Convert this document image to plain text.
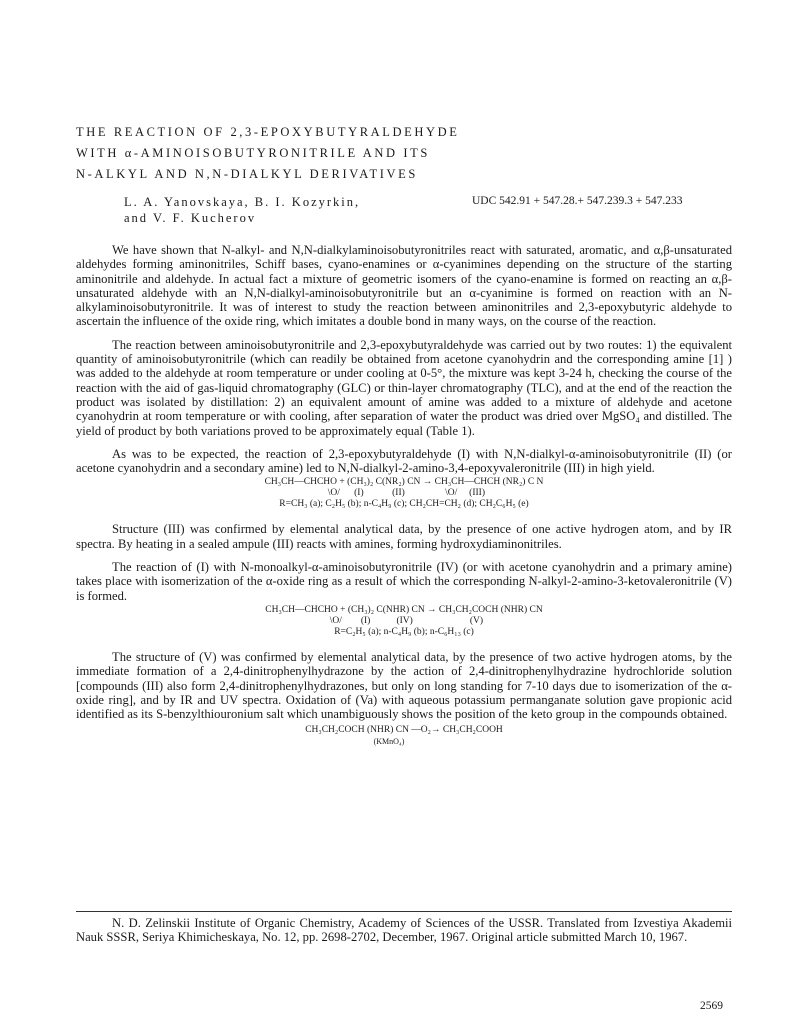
THE REACTION OF 2,3-EPOXYBUTYRALDEHYDE
WITH α-AMINOISOBUTYRONITRILE AND ITS
N-ALKYL AND N,N-DIALKYL DERIVATIVES
L. A. Yanovskaya, B. I. Kozyrkin,
and V. F. Kucherov
UDC 542.91 + 547.28.+ 547.239.3 + 547.233

We have shown that N-alkyl- and N,N-dialkylaminoisobutyronitriles react with saturated, aromatic, and α,β-unsaturated aldehydes forming aminonitriles, Schiff bases, cyano-enamines or α-cyanimines depending on the structure of the starting aminonitrile and aldehyde. In actual fact a mixture of geometric isomers of the cyano-enamine is formed on reacting an α,β-unsaturated aldehyde with an N,N-dialkyl-aminoisobutyronitrile but an α-cyanimine is formed on reaction with an N-alkylaminoisobutyronitrile. It was of interest to study the reaction between aminonitriles and 2,3-epoxybutyric aldehyde to ascertain the influence of the oxide ring, which imitates a double bond in many ways, on the course of the reaction.

The reaction between aminoisobutyronitrile and 2,3-epoxybutyraldehyde was carried out by two routes: 1) the equivalent quantity of aminoisobutyronitrile (which can readily be obtained from acetone cyanohydrin and the corresponding amine [1] ) was added to the aldehyde at room temperature or under cooling at 0-5°, the mixture was kept 3-24 h, checking the course of the reaction with the aid of gas-liquid chromatography (GLC) or thin-layer chromatography (TLC), and at the end of the reaction the product was isolated by distillation: 2) an equivalent amount of amine was added to a mixture of aldehyde and acetone cyanohydrin at room temperature or with cooling, after separation of water the product was dried over MgSO₄ and distilled. The yield of product by both variations proved to be approximately equal (Table 1).

As was to be expected, the reaction of 2,3-epoxybutyraldehyde (I) with N,N-dialkyl-α-aminoisobutyronitrile (II) (or acetone cyanohydrin and a secondary amine) led to N,N-dialkyl-2-amino-3,4-epoxyvaleronitrile (III) in high yield.

CH₃CH—CHCHO + (CH₃)₂ C(NR₂) CN → CH₃CH—CHCH (NR₂) C N
\O/      (I)            (II)                 \O/     (III)
R=CH₃ (a); C₂H₅ (b); n-C₄H₉ (c); CH₂CH=CH₂ (d); CH₂C₆H₅ (e)

Structure (III) was confirmed by elemental analytical data, by the presence of one active hydrogen atom, and by IR spectra. By heating in a sealed ampule (III) reacts with amines, forming hydroxydiaminonitriles.

The reaction of (I) with N-monoalkyl-α-aminoisobutyronitrile (IV) (or with acetone cyanohydrin and a primary amine) takes place with isomerization of the α-oxide ring as a result of which the corresponding N-alkyl-2-amino-3-ketovaleronitrile (V) is formed.

CH₃CH—CHCHO + (CH₃)₂ C(NHR) CN → CH₃CH₂COCH (NHR) CN
\O/        (I)           (IV)                        (V)
R=C₂H₅ (a); n-C₄H₉ (b); n-C₆H₁₃ (c)

The structure of (V) was confirmed by elemental analytical data, by the presence of two active hydrogen atoms, by the immediate formation of a 2,4-dinitrophenylhydrazone by the action of 2,4-dinitrophenylhydrazine hydrochloride solution [compounds (III) also form 2,4-dinitrophenylhydrazones, but only on long standing for 7-10 days due to isomerization of the α-oxide ring], and by IR and UV spectra. Oxidation of (Va) with aqueous potassium permanganate solution gave propionic acid identified as its S-benzylthiouronium salt which unambiguously shows the position of the keto group in the compounds obtained.

CH₃CH₂COCH (NHR) CN —O₂→ CH₃CH₂COOH
(KMnO₄)

N. D. Zelinskii Institute of Organic Chemistry, Academy of Sciences of the USSR. Translated from Izvestiya Akademii Nauk SSSR, Seriya Khimicheskaya, No. 12, pp. 2698-2702, December, 1967. Original article submitted March 10, 1967.

2569
